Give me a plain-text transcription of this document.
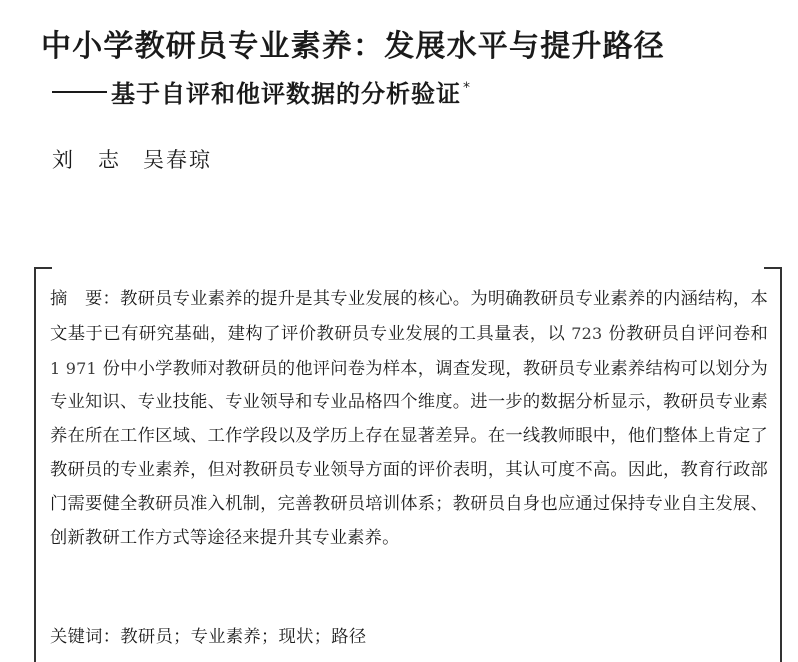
中小学教研员专业素养：发展水平与提升路径
基于自评和他评数据的分析验证 *
刘　志 吴春琼
摘　要：教研员专业素养的提升是其专业发展的核心。为明确教研员专业素养的内涵结构，本文基于已有研究基础，建构了评价教研员专业发展的工具量表，以 723 份教研员自评问卷和 1 971 份中小学教师对教研员的他评问卷为样本，调查发现，教研员专业素养结构可以划分为专业知识、专业技能、专业领导和专业品格四个维度。进一步的数据分析显示，教研员专业素养在所在工作区域、工作学段以及学历上存在显著差异。在一线教师眼中，他们整体上肯定了教研员的专业素养，但对教研员专业领导方面的评价表明，其认可度不高。因此，教育行政部门需要健全教研员准入机制，完善教研员培训体系；教研员自身也应通过保持专业自主发展、创新教研工作方式等途径来提升其专业素养。
关键词：教研员；专业素养；现状；路径
